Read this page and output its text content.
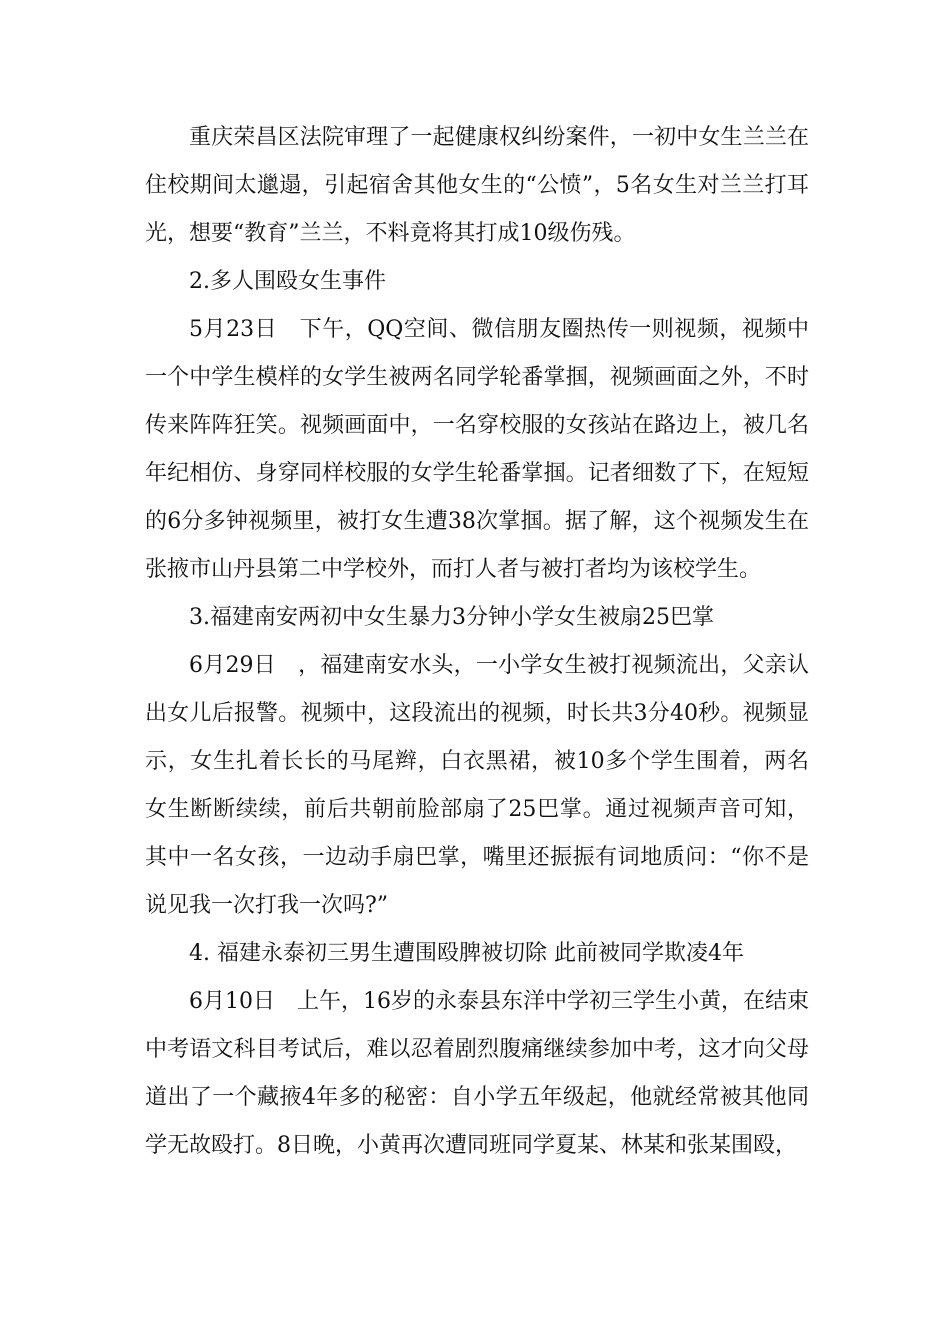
重庆荣昌区法院审理了一起健康权纠纷案件，一初中女生兰兰在住校期间太邋遢，引起宿舍其他女生的“公愤”，5名女生对兰兰打耳光，想要“教育”兰兰，不料竟将其打成10级伤残。

2.多人围殴女生事件

5月23日　下午，QQ空间、微信朋友圈热传一则视频，视频中一个中学生模样的女学生被两名同学轮番掌掴，视频画面之外，不时传来阵阵狂笑。视频画面中，一名穿校服的女孩站在路边上，被几名年纪相仿、身穿同样校服的女学生轮番掌掴。记者细数了下，在短短的6分多钟视频里，被打女生遭38次掌掴。据了解，这个视频发生在张掖市山丹县第二中学校外，而打人者与被打者均为该校学生。

3.福建南安两初中女生暴力3分钟小学女生被扇25巴掌

6月29日　，福建南安水头，一小学女生被打视频流出，父亲认出女儿后报警。视频中，这段流出的视频，时长共3分40秒。视频显示，女生扎着长长的马尾辫，白衣黑裙，被10多个学生围着，两名女生断断续续，前后共朝前脸部扇了25巴掌。通过视频声音可知，其中一名女孩，一边动手扇巴掌，嘴里还振振有词地质问：“你不是说见我一次打我一次吗?”

4. 福建永泰初三男生遭围殴脾被切除 此前被同学欺凌4年

6月10日　上午，16岁的永泰县东洋中学初三学生小黄，在结束中考语文科目考试后，难以忍着剧烈腹痛继续参加中考，这才向父母道出了一个藏掖4年多的秘密：自小学五年级起，他就经常被其他同学无故殴打。8日晚，小黄再次遭同班同学夏某、林某和张某围殴，
